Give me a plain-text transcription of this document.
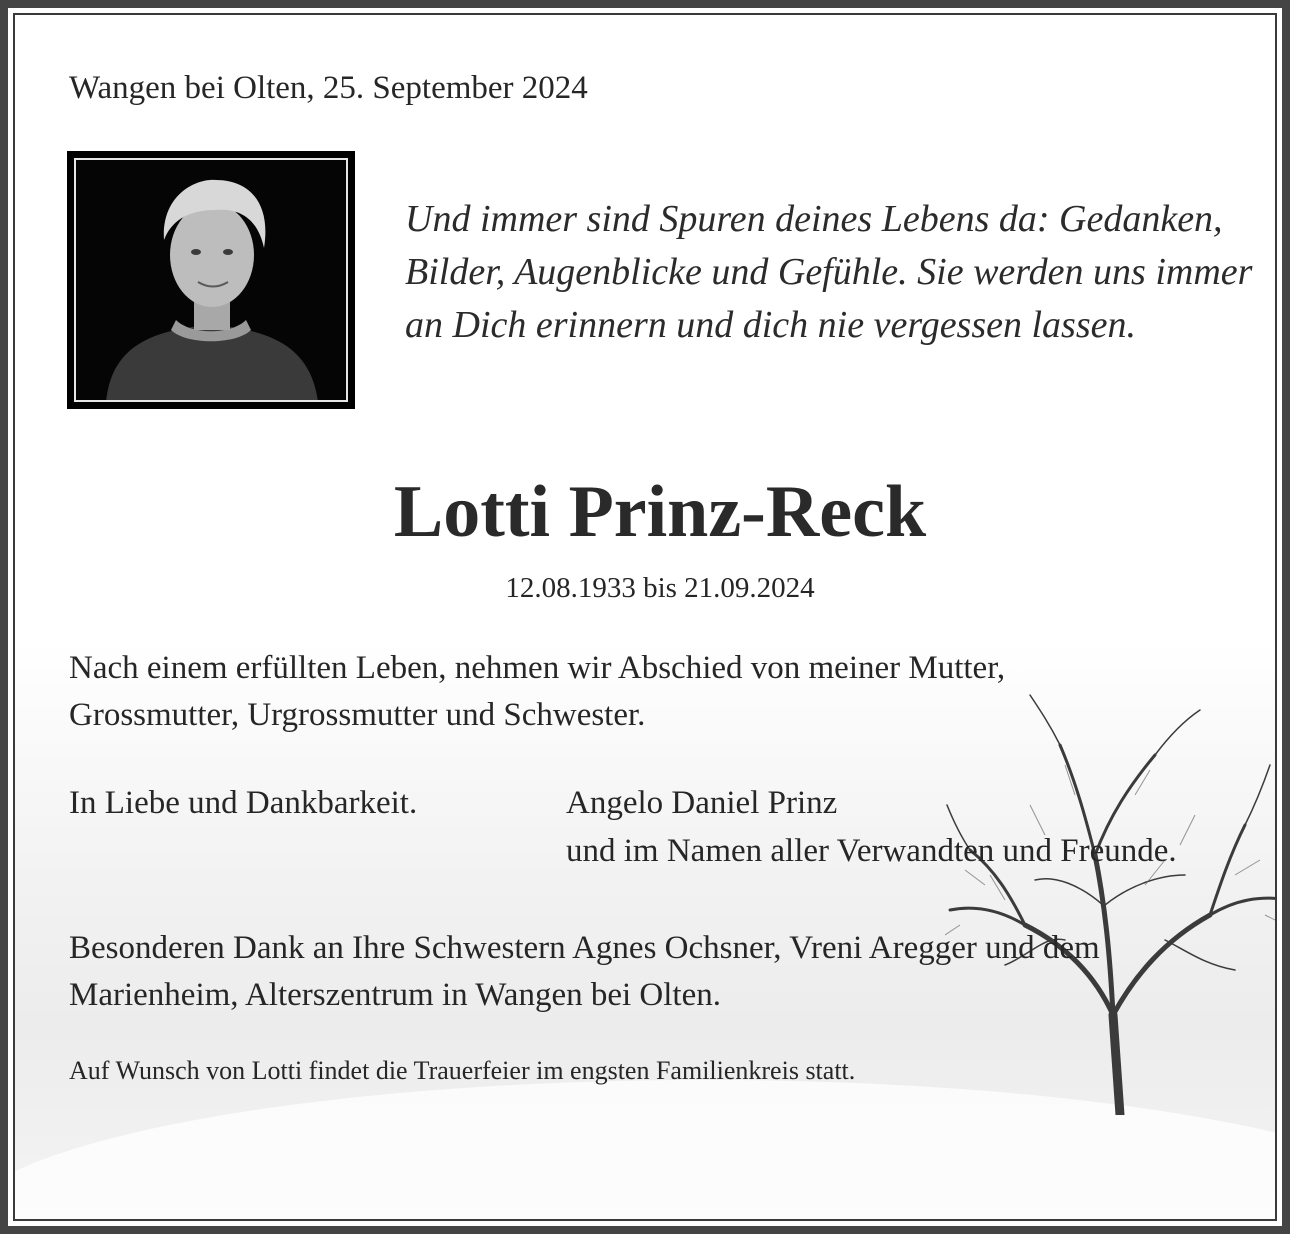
Wangen bei Olten, 25. September 2024
Und immer sind Spuren deines Lebens da: Gedanken, Bilder, Augenblicke und Gefühle. Sie werden uns immer an Dich erinnern und dich nie vergessen lassen.
Lotti Prinz-Reck
12.08.1933 bis 21.09.2024
Nach einem erfüllten Leben, nehmen wir Abschied von meiner Mutter, Grossmutter, Urgrossmutter und Schwester.
In Liebe und Dankbarkeit.	Angelo Daniel Prinz
und im Namen aller Verwandten und Freunde.
Besonderen Dank an Ihre Schwestern Agnes Ochsner, Vreni Aregger und dem Marienheim, Alterszentrum in Wangen bei Olten.
Auf Wunsch von Lotti findet die Trauerfeier im engsten Familienkreis statt.
